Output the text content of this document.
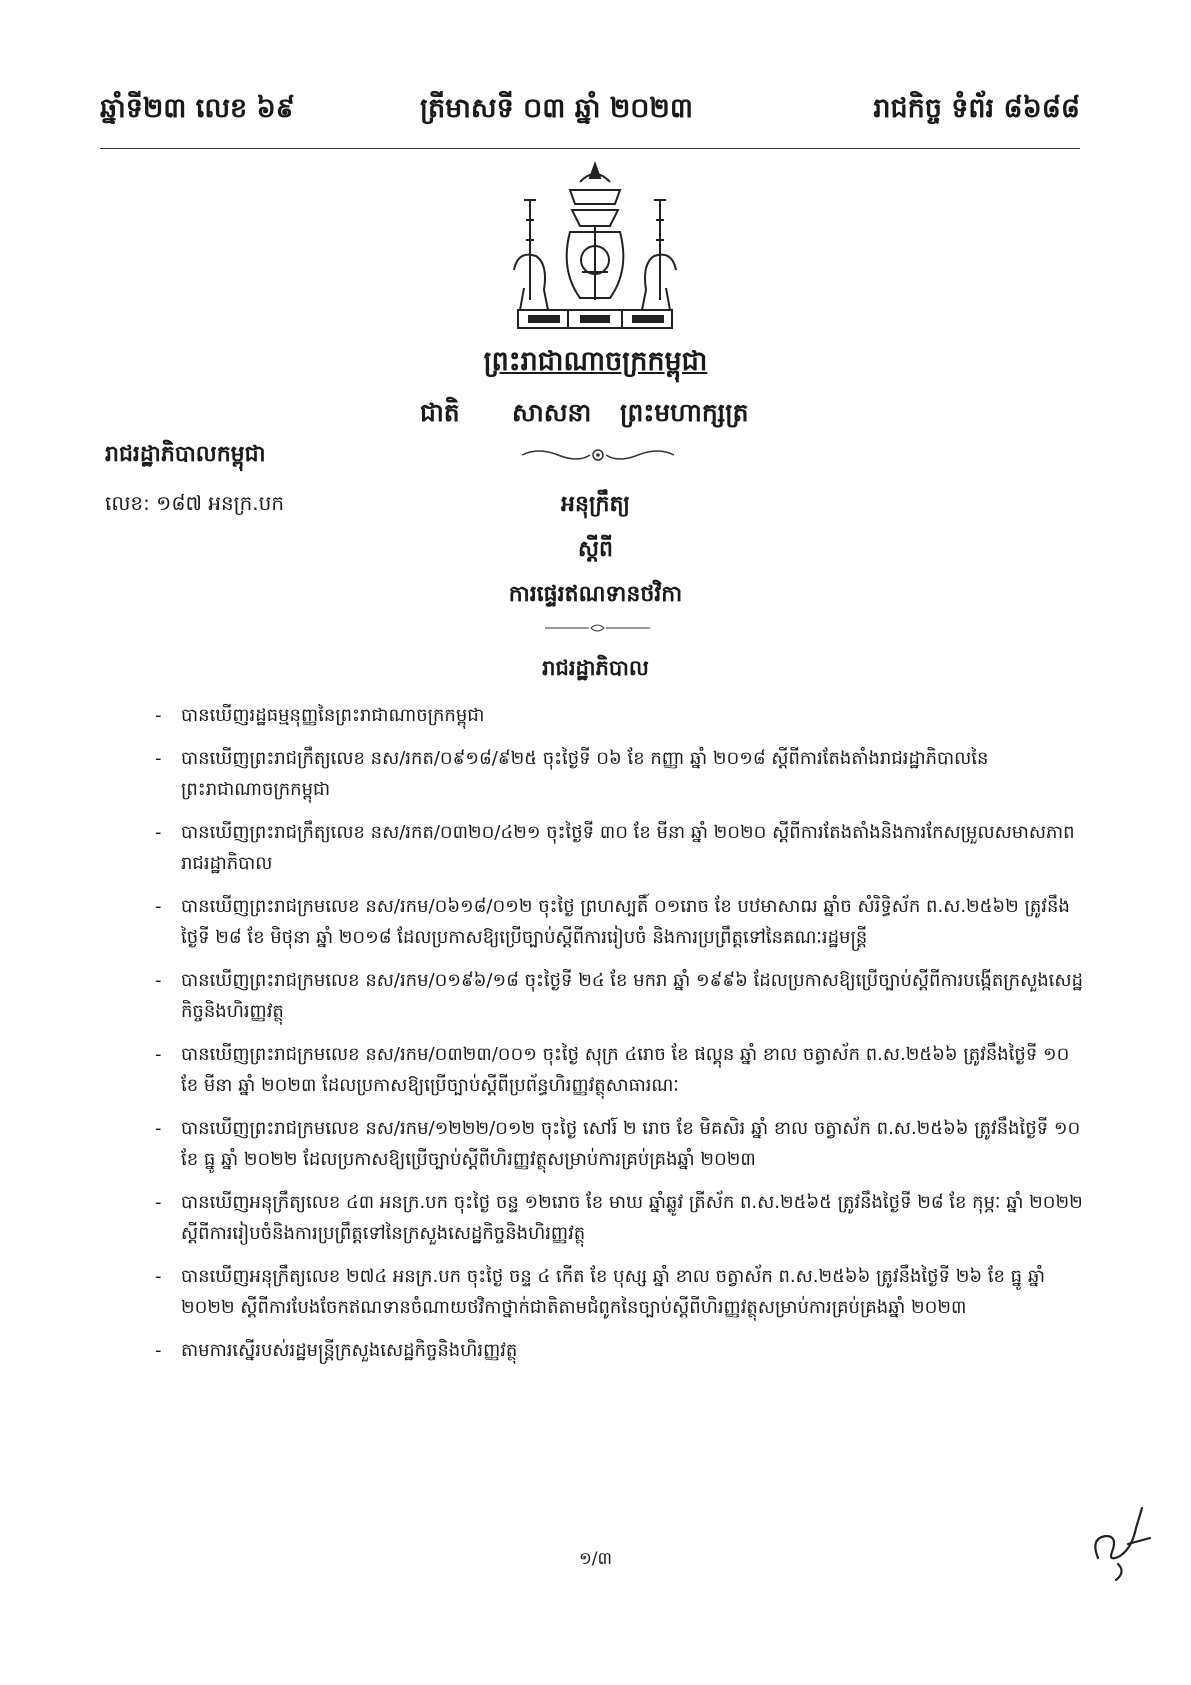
ឆ្នាំទី២៣ លេខ ៦៩	ត្រីមាសទី ០៣ ឆ្នាំ ២០២៣	រាជកិច្ច ទំព័រ ៨៦៨៨
ព្រះរាជាណាចក្រកម្ពុជា
ជាតិ សាសនា ព្រះមហាក្សត្រ
រាជរដ្ឋាភិបាលកម្ពុជា
លេខ: ១៨៧ អនក្រ.បក	អនុក្រឹត្យ
ស្តីពី
ការផ្ទេរឥណទានថវិកា
រាជរដ្ឋាភិបាល
- បានឃើញរដ្ឋធម្មនុញ្ញនៃព្រះរាជាណាចក្រកម្ពុជា
- បានឃើញព្រះរាជក្រឹត្យលេខ នស/រកត/០៩១៨/៩២៥ ចុះថ្ងៃទី ០៦ ខែ កញ្ញា ឆ្នាំ ២០១៨ ស្តីពីការតែងតាំងរាជរដ្ឋាភិបាលនៃព្រះរាជាណាចក្រកម្ពុជា
- បានឃើញព្រះរាជក្រឹត្យលេខ នស/រកត/០៣២០/៤២១ ចុះថ្ងៃទី ៣០ ខែ មីនា ឆ្នាំ ២០២០ ស្តីពីការតែងតាំងនិងការកែសម្រួលសមាសភាពរាជរដ្ឋាភិបាល
- បានឃើញព្រះរាជក្រមលេខ នស/រកម/០៦១៨/០១២ ចុះថ្ងៃ ព្រហស្បតិ៍ ០១រោច ខែ បឋមាសាឍ ឆ្នាំច សំរិទ្ធិស័ក ព.ស.២៥៦២ ត្រូវនឹងថ្ងៃទី ២៨ ខែ មិថុនា ឆ្នាំ ២០១៨ ដែលប្រកាសឱ្យប្រើច្បាប់ស្តីពីការរៀបចំ និងការប្រព្រឹត្តទៅនៃគណៈរដ្ឋមន្ត្រី
- បានឃើញព្រះរាជក្រមលេខ នស/រកម/០១៩៦/១៨ ចុះថ្ងៃទី ២៤ ខែ មករា ឆ្នាំ ១៩៩៦ ដែលប្រកាសឱ្យប្រើច្បាប់ស្តីពីការបង្កើតក្រសួងសេដ្ឋកិច្ចនិងហិរញ្ញវត្ថុ
- បានឃើញព្រះរាជក្រមលេខ នស/រកម/០៣២៣/០០១ ចុះថ្ងៃ សុក្រ ៤រោច ខែ ផល្គុន ឆ្នាំ ខាល ចត្វាស័ក ព.ស.២៥៦៦ ត្រូវនឹងថ្ងៃទី ១០ ខែ មីនា ឆ្នាំ ២០២៣ ដែលប្រកាសឱ្យប្រើច្បាប់ស្តីពីប្រព័ន្ធហិរញ្ញវត្ថុសាធារណៈ
- បានឃើញព្រះរាជក្រមលេខ នស/រកម/១២២២/០១២ ចុះថ្ងៃ សៅរ៍ ២ រោច ខែ មិគសិរ ឆ្នាំ ខាល ចត្វាស័ក ព.ស.២៥៦៦ ត្រូវនឹងថ្ងៃទី ១០ ខែ ធ្នូ ឆ្នាំ ២០២២ ដែលប្រកាសឱ្យប្រើច្បាប់ស្តីពីហិរញ្ញវត្ថុសម្រាប់ការគ្រប់គ្រងឆ្នាំ ២០២៣
- បានឃើញអនុក្រឹត្យលេខ ៤៣ អនក្រ.បក ចុះថ្ងៃ ចន្ទ ១២រោច ខែ មាឃ ឆ្នាំឆ្លូវ ត្រីស័ក ព.ស.២៥៦៥ ត្រូវនឹងថ្ងៃទី ២៨ ខែ កុម្ភៈ ឆ្នាំ ២០២២ ស្តីពីការរៀបចំនិងការប្រព្រឹត្តទៅនៃក្រសួងសេដ្ឋកិច្ចនិងហិរញ្ញវត្ថុ
- បានឃើញអនុក្រឹត្យលេខ ២៧៤ អនក្រ.បក ចុះថ្ងៃ ចន្ទ ៤ កើត ខែ បុស្ស ឆ្នាំ ខាល ចត្វាស័ក ព.ស.២៥៦៦ ត្រូវនឹងថ្ងៃទី ២៦ ខែ ធ្នូ ឆ្នាំ ២០២២ ស្តីពីការបែងចែកឥណទានចំណាយថវិកាថ្នាក់ជាតិតាមជំពូកនៃច្បាប់ស្តីពីហិរញ្ញវត្ថុសម្រាប់ការគ្រប់គ្រងឆ្នាំ ២០២៣
- តាមការស្នើរបស់រដ្ឋមន្ត្រីក្រសួងសេដ្ឋកិច្ចនិងហិរញ្ញវត្ថុ
១/៣
